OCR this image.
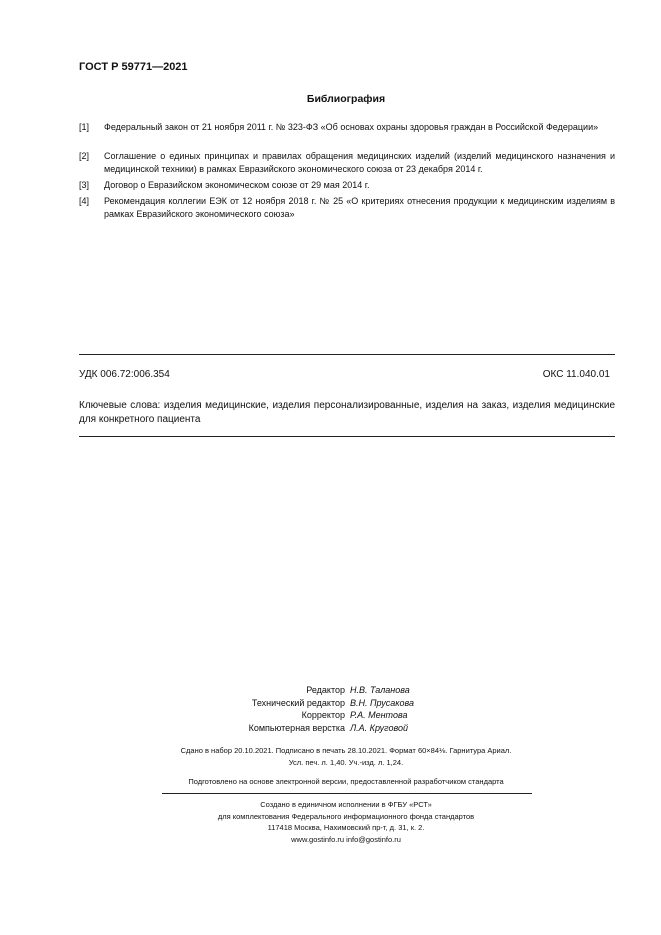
ГОСТ Р 59771—2021
Библиография
[1]	Федеральный закон от 21 ноября 2011 г. № 323-ФЗ «Об основах охраны здоровья граждан в Российской Федерации»
[2]	Соглашение о единых принципах и правилах обращения медицинских изделий (изделий медицинского назначения и медицинской техники) в рамках Евразийского экономического союза от 23 декабря 2014 г.
[3]	Договор о Евразийском экономическом союзе от 29 мая 2014 г.
[4]	Рекомендация коллегии ЕЭК от 12 ноября 2018 г. № 25 «О критериях отнесения продукции к медицинским изделиям в рамках Евразийского экономического союза»
УДК 006.72:006.354	ОКС 11.040.01
Ключевые слова: изделия медицинские, изделия персонализированные, изделия на заказ, изделия медицинские для конкретного пациента
Редактор Н.В. Таланова
Технический редактор В.Н. Прусакова
Корректор Р.А. Ментова
Компьютерная верстка Л.А. Круговой
Сдано в набор 20.10.2021. Подписано в печать 28.10.2021. Формат 60×84⅛. Гарнитура Ариал.
Усл. печ. л. 1,40. Уч.-изд. л. 1,24.
Подготовлено на основе электронной версии, предоставленной разработчиком стандарта
Создано в единичном исполнении в ФГБУ «РСТ»
для комплектования Федерального информационного фонда стандартов
117418 Москва, Нахимовский пр-т, д. 31, к. 2.
www.gostinfo.ru info@gostinfo.ru
